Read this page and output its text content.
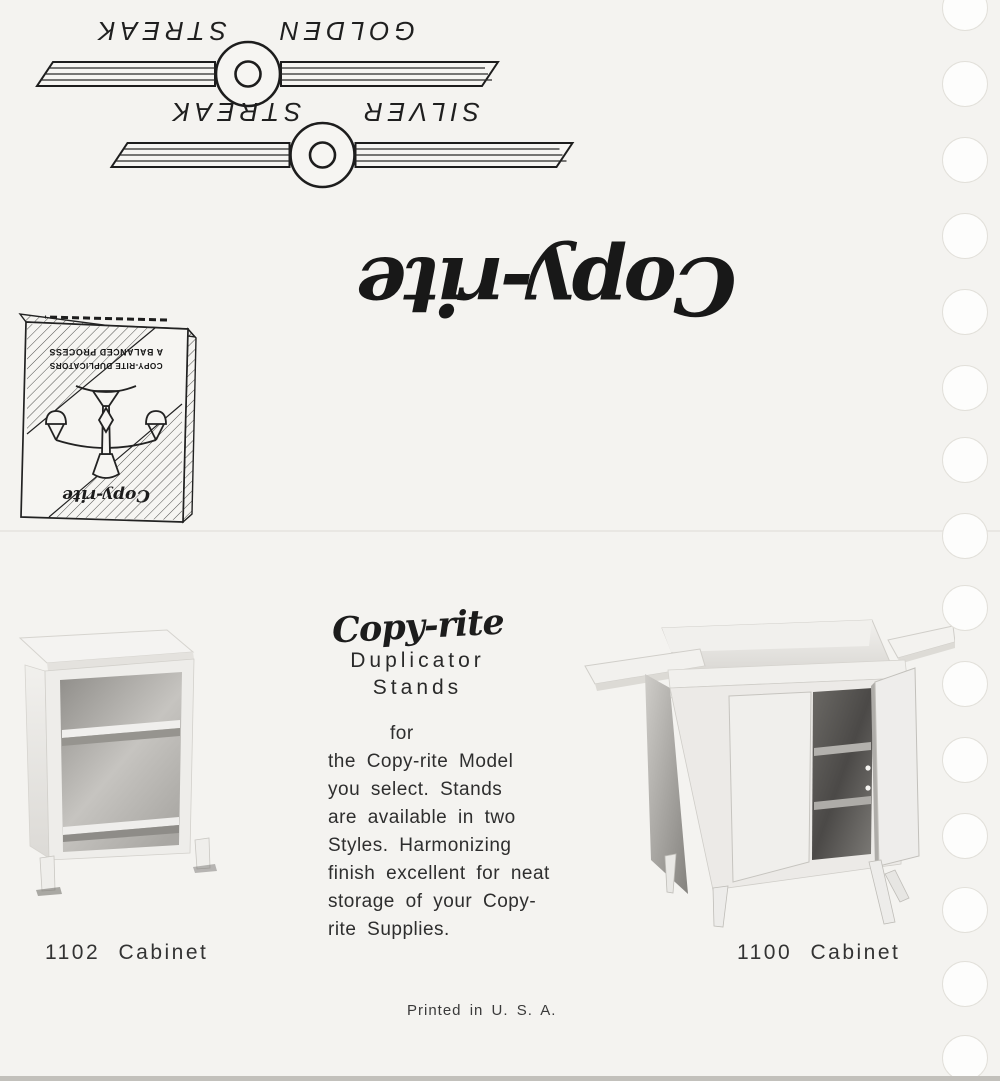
GOLDEN
STREAK
SILVER
STREAK
Copy-rite
Copy-rite
COPY-RITE DUPLICATORS
A BALANCED PROCESS
Copy-rite
Duplicator
Stands
for
the Copy-rite Model
you select. Stands
are available in two
Styles. Harmonizing
finish excellent for neat
storage of your Copy-
rite Supplies.
1102 Cabinet	1100 Cabinet
Printed in U. S. A.
